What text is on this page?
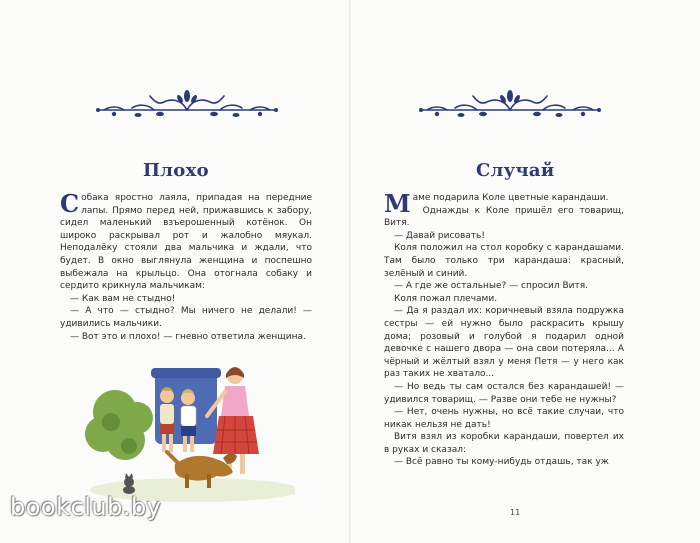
Плохо

Собака яростно лаяла, припадая на передние лапы. Прямо перед ней, прижавшись к забору, сидел маленький взъерошенный котёнок. Он широко раскрывал рот и жалобно мяукал. Неподалёку стояли два мальчика и ждали, что будет. В окно выглянула женщина и поспешно выбежала на крыльцо. Она отогнала собаку и сердито крикнула мальчикам:

— Как вам не стыдно!

— А что — стыдно? Мы ничего не делали! — удивились мальчики.

— Вот это и плохо! — гневно ответила женщина.

Случай

Маме подарила Коле цветные карандаши.

Однажды к Коле пришёл его товарищ, Витя.

— Давай рисовать!

Коля положил на стол коробку с карандашами. Там было только три карандаша: красный, зелёный и синий.

— А где же остальные? — спросил Витя.

Коля пожал плечами.

— Да я раздал их: коричневый взяла подружка сестры — ей нужно было раскрасить крышу дома; розовый и голубой я подарил одной девочке с нашего двора — она свои потеряла... А чёрный и жёлтый взял у меня Петя — у него как раз таких не хватало...

— Но ведь ты сам остался без карандашей! — удивился товарищ. — Разве они тебе не нужны?

— Нет, очень нужны, но всё такие случаи, что никак нельзя не дать!

Витя взял из коробки карандаши, повертел их в руках и сказал:

— Всё равно ты кому-нибудь отдашь, так уж

11
bookclub.by
